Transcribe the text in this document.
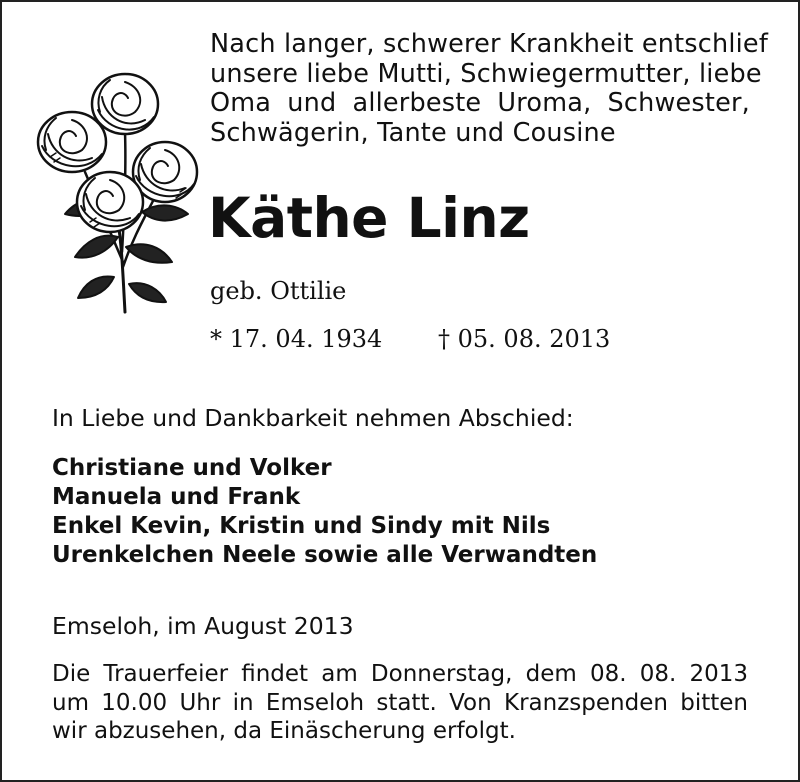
Nach langer, schwerer Krankheit entschlief
unsere liebe Mutti, Schwiegermutter, liebe
Oma und allerbeste Uroma, Schwester,
Schwägerin, Tante und Cousine
Käthe Linz
geb. Ottilie
* 17. 04. 1934 † 05. 08. 2013
In Liebe und Dankbarkeit nehmen Abschied:
Christiane und Volker
Manuela und Frank
Enkel Kevin, Kristin und Sindy mit Nils
Urenkelchen Neele sowie alle Verwandten
Emseloh, im August 2013
Die Trauerfeier findet am Donnerstag, dem 08. 08. 2013
um 10.00 Uhr in Emseloh statt. Von Kranzspenden bitten
wir abzusehen, da Einäscherung erfolgt.
